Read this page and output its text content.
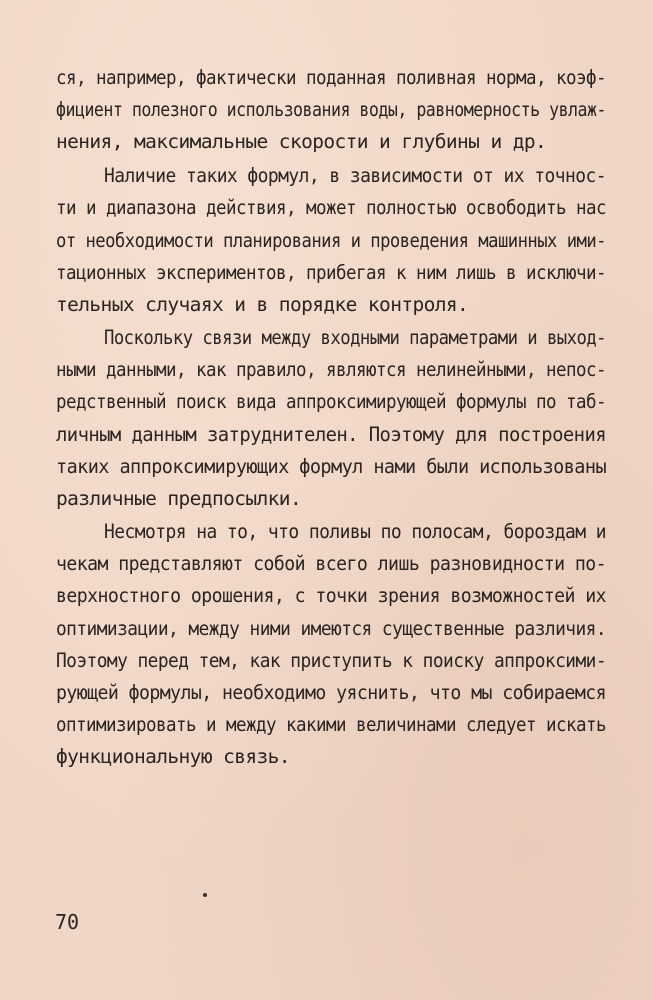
ся, например, фактически поданная поливная норма, коэф-
фициент полезного использования воды, равномерность увлаж-
нения, максимальные скорости и глубины и др.
Наличие таких формул, в зависимости от их точнос-
ти и диапазона действия, может полностью освободить нас
от необходимости планирования и проведения машинных ими-
тационных экспериментов, прибегая к ним лишь в исключи-
тельных случаях и в порядке контроля.
Поскольку связи между входными параметрами и выход-
ными данными, как правило, являются нелинейными, непос-
редственный поиск вида аппроксимирующей формулы по таб-
личным данным затруднителен. Поэтому для построения
таких аппроксимирующих формул нами были использованы
различные предпосылки.
Несмотря на то, что поливы по полосам, бороздам и
чекам представляют собой всего лишь разновидности по-
верхностного орошения, с точки зрения возможностей их
оптимизации, между ними имеются существенные различия.
Поэтому перед тем, как приступить к поиску аппроксими-
рующей формулы, необходимо уяснить, что мы собираемся
оптимизировать и между какими величинами следует искать
функциональную связь.
70
